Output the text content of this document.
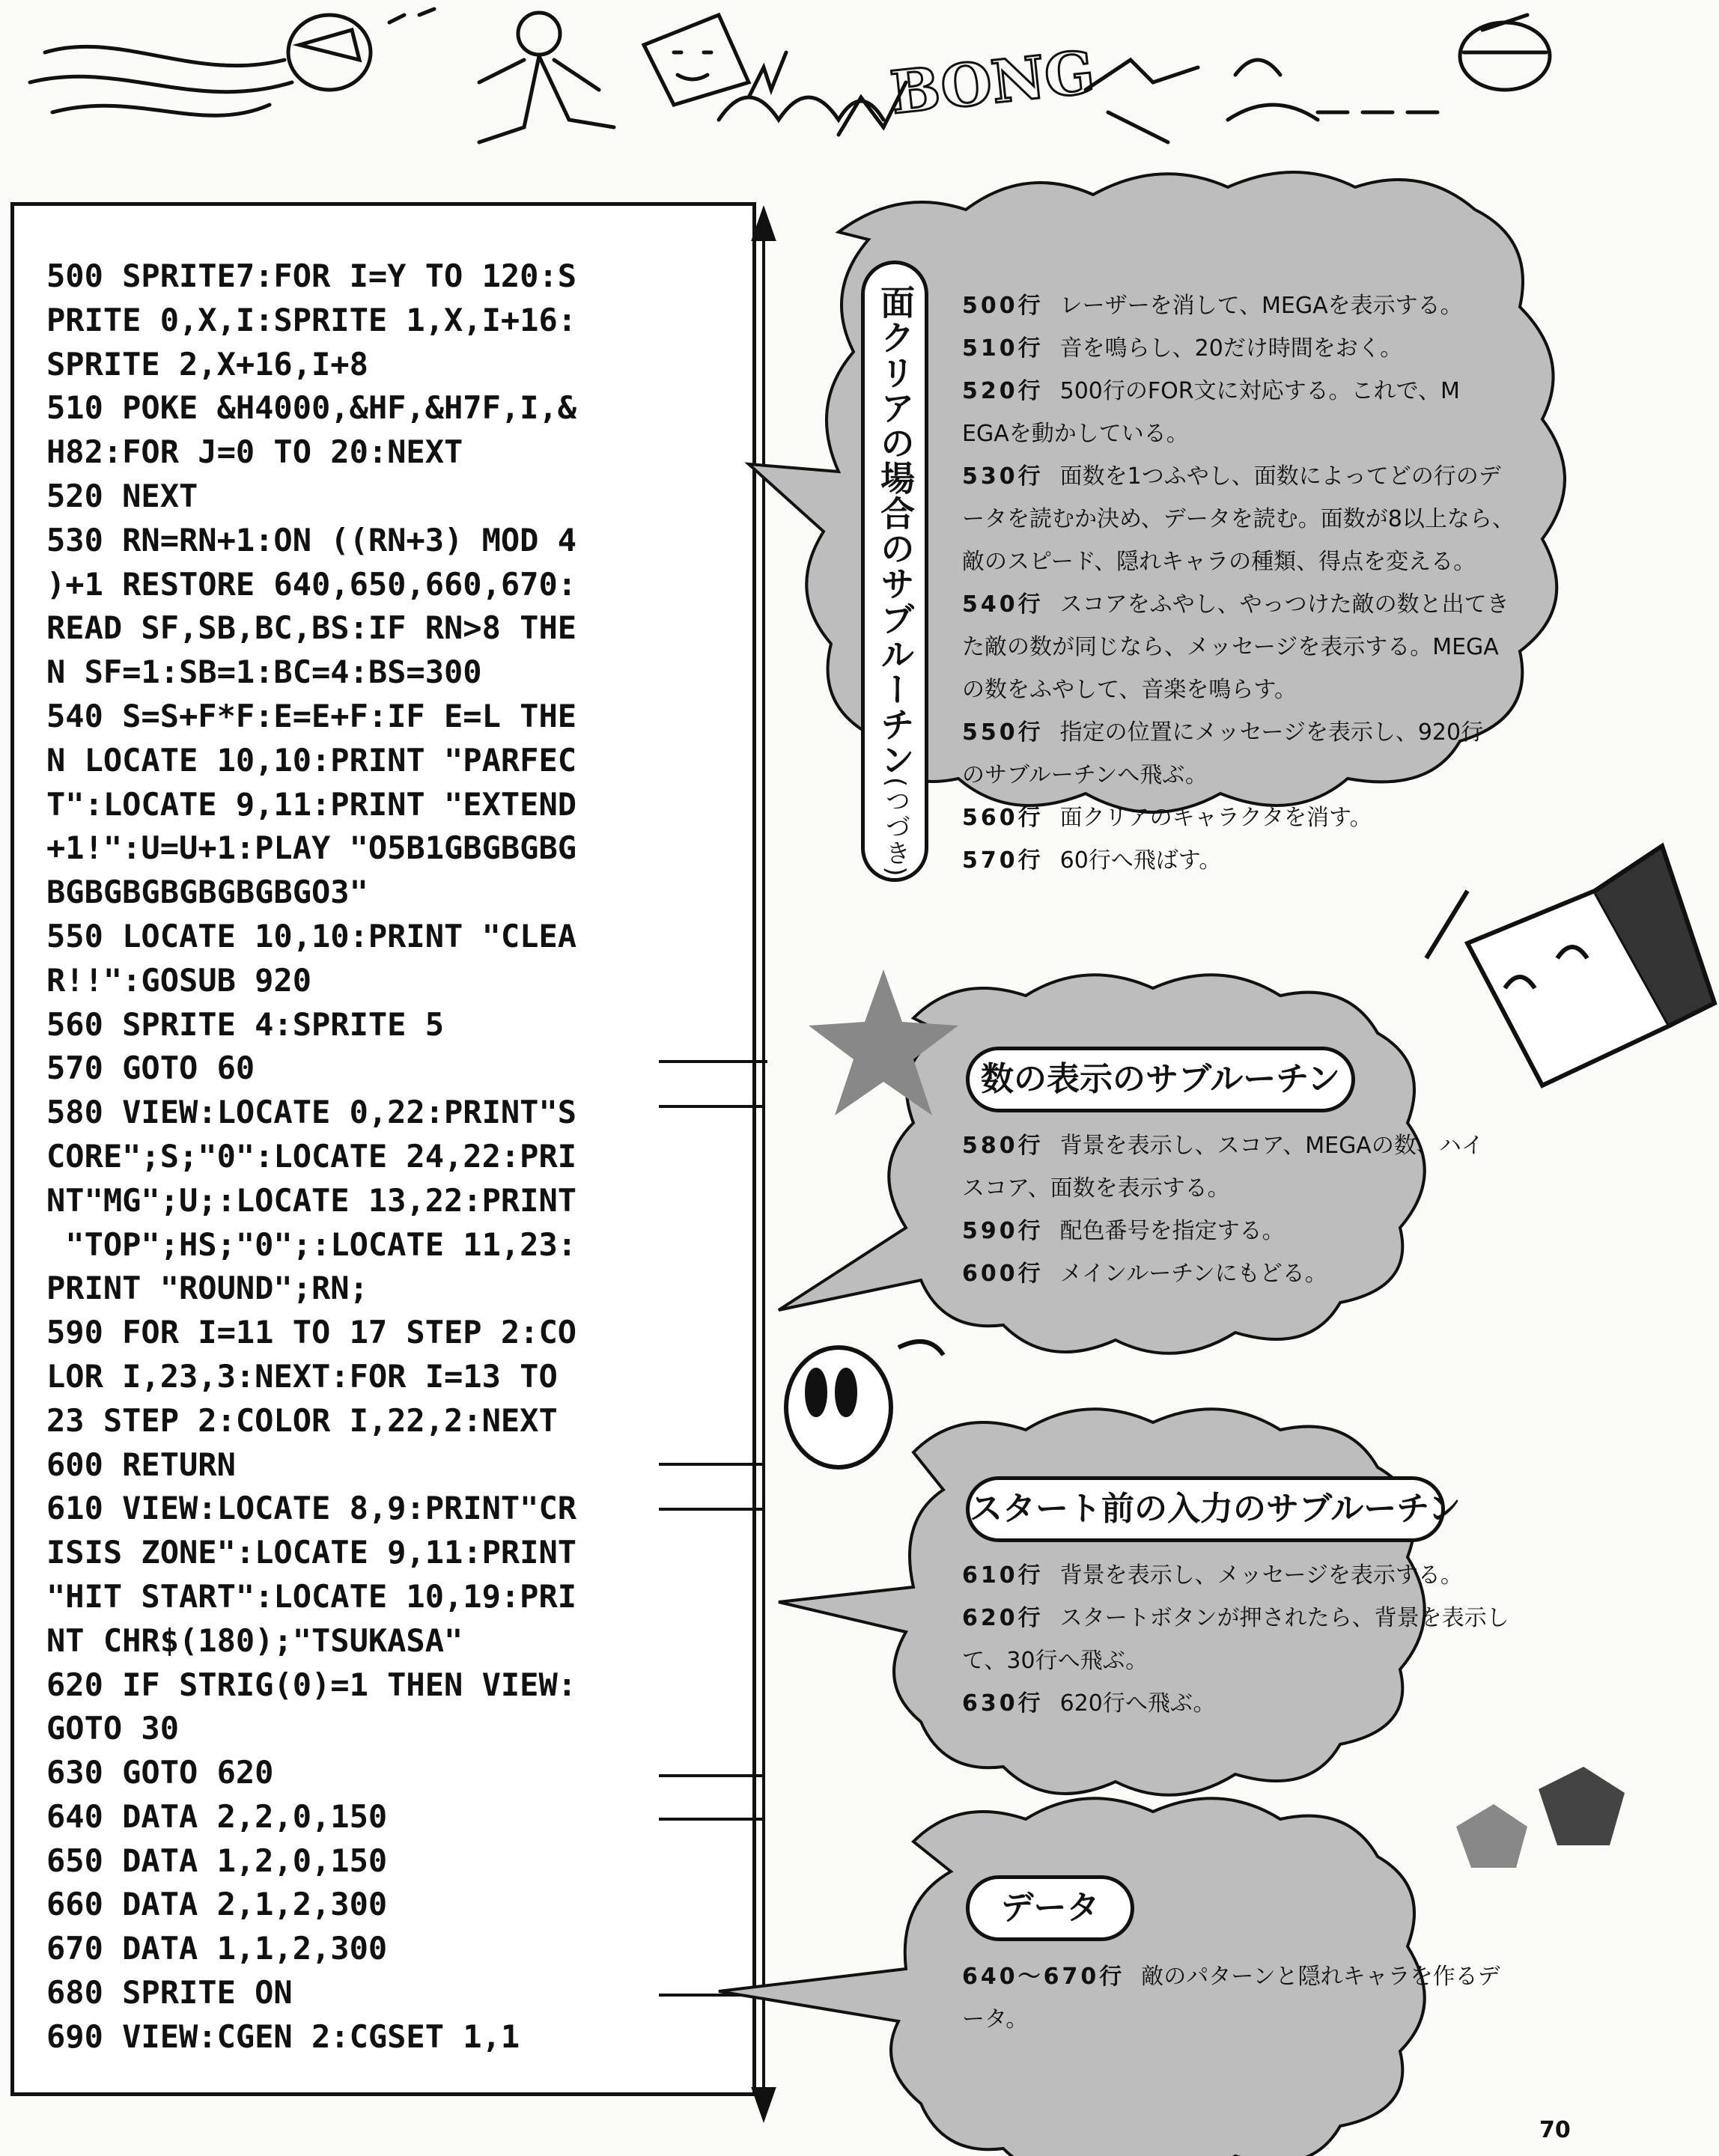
BONG
500 SPRITE7:FOR I=Y TO 120:S
PRITE 0,X,I:SPRITE 1,X,I+16:
SPRITE 2,X+16,I+8
510 POKE &H4000,&HF,&H7F,I,&
H82:FOR J=0 TO 20:NEXT
520 NEXT
530 RN=RN+1:ON ((RN+3) MOD 4
)+1 RESTORE 640,650,660,670:
READ SF,SB,BC,BS:IF RN>8 THE
N SF=1:SB=1:BC=4:BS=300
540 S=S+F*F:E=E+F:IF E=L THE
N LOCATE 10,10:PRINT "PARFEC
T":LOCATE 9,11:PRINT "EXTEND
+1!":U=U+1:PLAY "O5B1GBGBGBG
BGBGBGBGBGBGBGO3"
550 LOCATE 10,10:PRINT "CLEA
R!!":GOSUB 920
560 SPRITE 4:SPRITE 5
570 GOTO 60
580 VIEW:LOCATE 0,22:PRINT"S
CORE";S;"0":LOCATE 24,22:PRI
NT"MG";U;:LOCATE 13,22:PRINT
"TOP";HS;"0";:LOCATE 11,23:
PRINT "ROUND";RN;
590 FOR I=11 TO 17 STEP 2:CO
LOR I,23,3:NEXT:FOR I=13 TO
23 STEP 2:COLOR I,22,2:NEXT
600 RETURN
610 VIEW:LOCATE 8,9:PRINT"CR
ISIS ZONE":LOCATE 9,11:PRINT
"HIT START":LOCATE 10,19:PRI
NT CHR$(180);"TSUKASA"
620 IF STRIG(0)=1 THEN VIEW:
GOTO 30
630 GOTO 620
640 DATA 2,2,0,150
650 DATA 1,2,0,150
660 DATA 2,1,2,300
670 DATA 1,1,2,300
680 SPRITE ON
690 VIEW:CGEN 2:CGSET 1,1
面クリアの場合のサブルーチン(つづき)
500行 レーザーを消して、MEGAを表示する。
510行 音を鳴らし、20だけ時間をおく。
520行 500行のFOR文に対応する。これで、M
EGAを動かしている。
530行 面数を1つふやし、面数によってどの行のデ
ータを読むか決め、データを読む。面数が8以上なら、
敵のスピード、隠れキャラの種類、得点を変える。
540行 スコアをふやし、やっつけた敵の数と出てき
た敵の数が同じなら、メッセージを表示する。MEGA
の数をふやして、音楽を鳴らす。
550行 指定の位置にメッセージを表示し、920行
のサブルーチンへ飛ぶ。
560行 面クリアのキャラクタを消す。
570行 60行へ飛ばす。
数の表示のサブルーチン
580行 背景を表示し、スコア、MEGAの数、ハイ
スコア、面数を表示する。
590行 配色番号を指定する。
600行 メインルーチンにもどる。
スタート前の入力のサブルーチン
610行 背景を表示し、メッセージを表示する。
620行 スタートボタンが押されたら、背景を表示し
て、30行へ飛ぶ。
630行 620行へ飛ぶ。
データ
640〜670行 敵のパターンと隠れキャラを作るデ
ータ。
70
